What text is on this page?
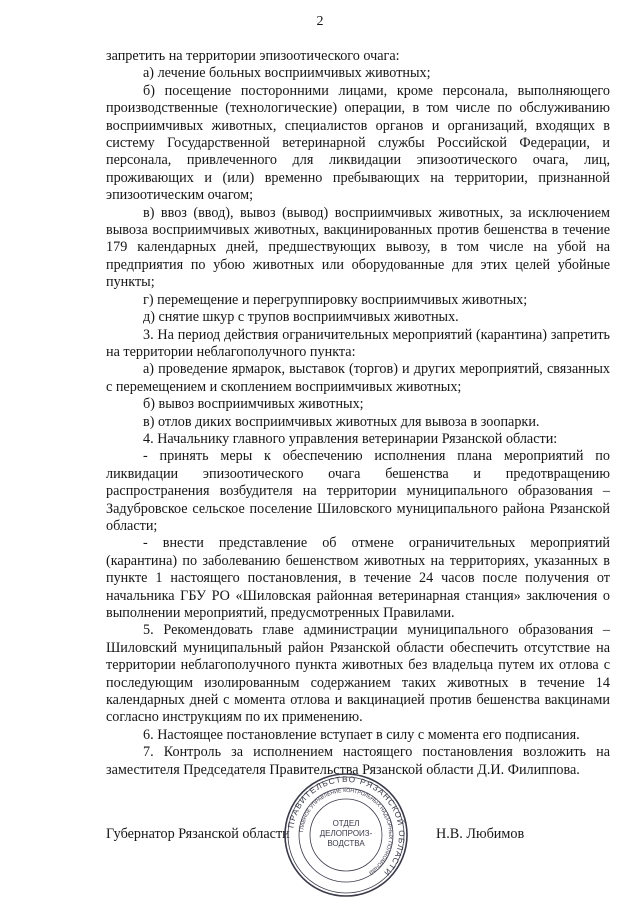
2

запретить на территории эпизоотического очага:

а) лечение больных восприимчивых животных;

б) посещение посторонними лицами, кроме персонала, выполняющего производственные (технологические) операции, в том числе по обслуживанию восприимчивых животных, специалистов органов и организаций, входящих в систему Государственной ветеринарной службы Российской Федерации, и персонала, привлеченного для ликвидации эпизоотического очага, лиц, проживающих и (или) временно пребывающих на территории, признанной эпизоотическим очагом;

в) ввоз (ввод), вывоз (вывод) восприимчивых животных, за исключением вывоза восприимчивых животных, вакцинированных против бешенства в течение 179 календарных дней, предшествующих вывозу, в том числе на убой на предприятия по убою животных или оборудованные для этих целей убойные пункты;

г) перемещение и перегруппировку восприимчивых животных;

д) снятие шкур с трупов восприимчивых животных.

3. На период действия ограничительных мероприятий (карантина) запретить на территории неблагополучного пункта:

а) проведение ярмарок, выставок (торгов) и других мероприятий, связанных с перемещением и скоплением восприимчивых животных;

б) вывоз восприимчивых животных;

в) отлов диких восприимчивых животных для вывоза в зоопарки.

4. Начальнику главного управления ветеринарии Рязанской области:

- принять меры к обеспечению исполнения плана мероприятий по ликвидации эпизоотического очага бешенства и предотвращению распространения возбудителя на территории муниципального образования – Задубровское сельское поселение Шиловского муниципального района Рязанской области;

- внести представление об отмене ограничительных мероприятий (карантина) по заболеванию бешенством животных на территориях, указанных в пункте 1 настоящего постановления, в течение 24 часов после получения от начальника ГБУ РО «Шиловская районная ветеринарная станция» заключения о выполнении мероприятий, предусмотренных Правилами.

5. Рекомендовать главе администрации муниципального образования – Шиловский муниципальный район Рязанской области обеспечить отсутствие на территории неблагополучного пункта животных без владельца путем их отлова с последующим изолированным содержанием таких животных в течение 14 календарных дней с момента отлова и вакцинацией против бешенства вакцинами согласно инструкциям по их применению.

6. Настоящее постановление вступает в силу с момента его подписания.

7. Контроль за исполнением настоящего постановления возложить на заместителя Председателя Правительства Рязанской области Д.И. Филиппова.

Губернатор Рязанской области	Н.В. Любимов
ПРАВИТЕЛЬСТВО РЯЗАНСКОЙ ОБЛАСТИ
ГЛАВНОЕ УПРАВЛЕНИЕ КОНТРОЛЬНЫХ НАДЗОРНЫХ ПОЛНОМОЧИЙ
ОТДЕЛ ДЕЛОПРОИЗ-ВОДСТВА
